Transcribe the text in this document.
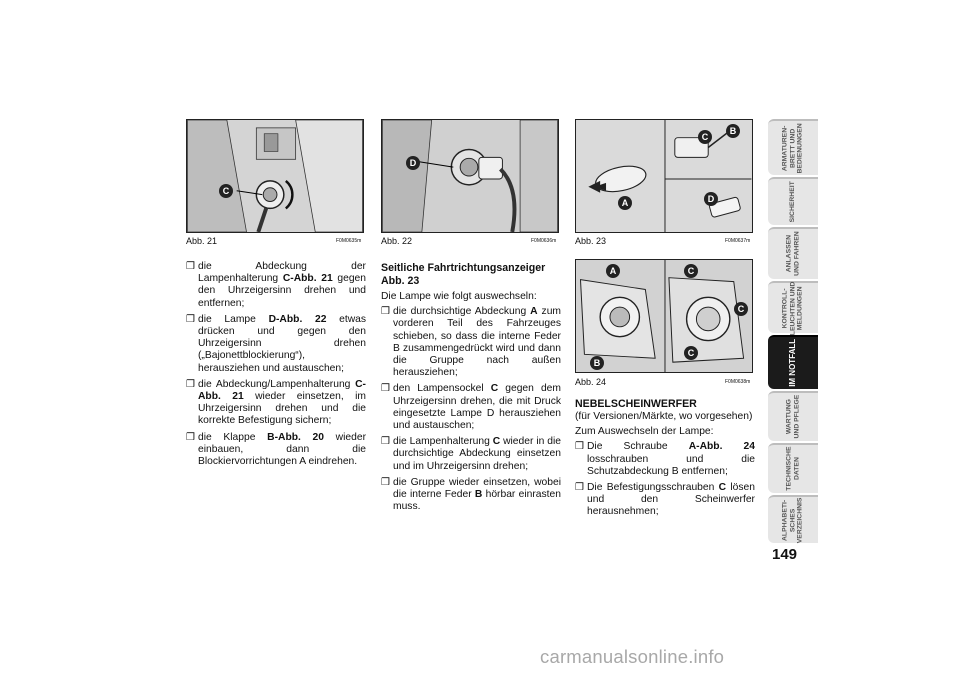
C
Abb. 21	F0M0635m
D
Abb. 22	F0M0636m
C
B
A	D
Abb. 23	F0M0637m
A
B
C
C
C
Abb. 24	F0M0638m
❒ die Abdeckung der Lampenhalterung C-Abb. 21 gegen den Uhrzeigersinn drehen und entfernen;
❒ die Lampe D-Abb. 22 etwas drücken und gegen den Uhrzeigersinn drehen („Bajonettblockierung“), herausziehen und austauschen;
❒ die Abdeckung/Lampenhalterung C-Abb. 21 wieder einsetzen, im Uhrzeigersinn drehen und die korrekte Befestigung sichern;
❒ die Klappe B-Abb. 20 wieder einbauen, dann die Blockiervorrichtungen A eindrehen.

Seitliche Fahrtrichtungsanzeiger Abb. 23

Die Lampe wie folgt auswechseln:

❒ die durchsichtige Abdeckung A zum vorderen Teil des Fahrzeuges schieben, so dass die interne Feder B zusammengedrückt wird und dann die Gruppe nach außen herausziehen;
❒ den Lampensockel C gegen dem Uhrzeigersinn drehen, die mit Druck eingesetzte Lampe D herausziehen und austauschen;
❒ die Lampenhalterung C wieder in die durchsichtige Abdeckung einsetzen und im Uhrzeigersinn drehen;
❒ die Gruppe wieder einsetzen, wobei die interne Feder B hörbar einrasten muss.

NEBELSCHEINWERFER

(für Versionen/Märkte, wo vorgesehen)

Zum Auswechseln der Lampe:

❒ Die Schraube A-Abb. 24 losschrauben und die Schutzabdeckung B entfernen;
❒ Die Befestigungsschrauben C lösen und den Scheinwerfer herausnehmen;
ARMATUREN-
BRETT UND
BEDIENUNGEN
SICHERHEIT
ANLASSEN
UND FAHREN
KONTROLL-
LEUCHTEN UND
MELDUNGEN
IM NOTFALL
WARTUNG
UND PFLEGE
TECHNISCHE
DATEN
ALPHABETI-
SCHES
VERZEICHNIS
149
carmanualsonline.info
